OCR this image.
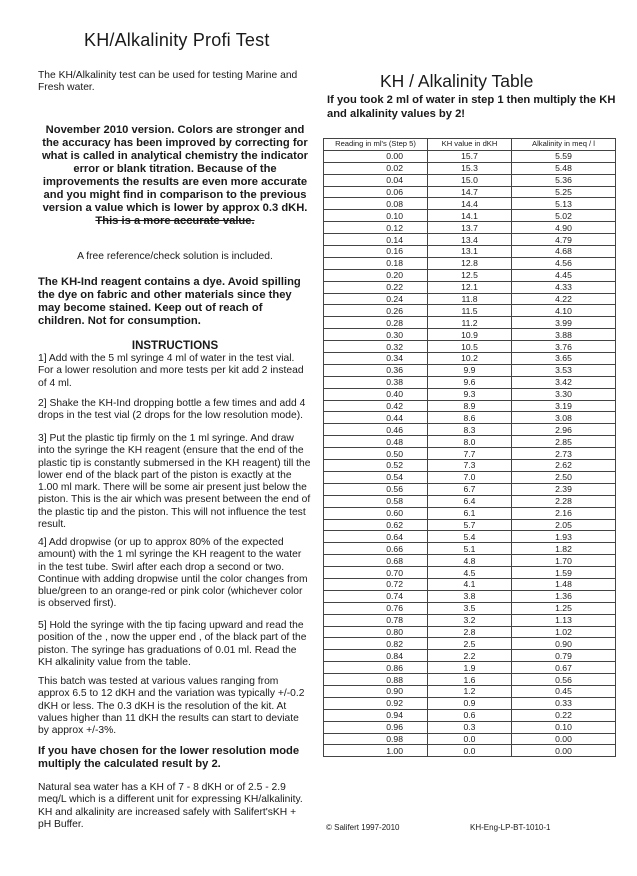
KH/Alkalinity Profi Test

The KH/Alkalinity test can be used for testing Marine and Fresh water.

November 2010 version. Colors are stronger and the accuracy has been improved by correcting for what is called in analytical chemistry the indicator error or blank titration. Because of the improvements the results are even more accurate and you might find in comparison to the previous version a value which is lower by approx 0.3 dKH.

This is a more accurate value.

A free reference/check solution is included.

The KH-Ind reagent contains a dye. Avoid spilling the dye on fabric and other materials since they may become stained. Keep out of reach of children. Not for consumption.

INSTRUCTIONS

1] Add with the 5 ml syringe 4 ml of water in the test vial. For a lower resolution and more tests per kit add 2 instead of 4 ml.

2] Shake the KH-Ind dropping bottle a few times and add 4 drops in the test vial (2 drops for the low resolution mode).

3] Put the plastic tip firmly on the 1 ml syringe. And draw into the syringe the KH reagent (ensure that the end of the plastic tip is constantly submersed in the KH reagent) till the lower end of the black part of the piston is exactly at the 1.00 ml mark. There will be some air present just below the piston. This is the air which was present between the end of the plastic tip and the piston. This will not influence the test result.

4] Add dropwise (or up to approx 80% of the expected amount) with the 1 ml syringe the KH reagent to the water in the test tube. Swirl after each drop a second or two. Continue with adding dropwise until the color changes from blue/green to an orange-red or pink color (whichever color is observed first).

5] Hold the syringe with the tip facing upward and read the position of the , now the upper end , of the black part of the piston. The syringe has graduations of 0.01 ml. Read the KH alkalinity value from the table.

This batch was tested at various values ranging from approx 6.5 to 12 dKH and the variation was typically +/-0.2 dKH or less. The 0.3 dKH is the resolution of the kit. At values higher than 11 dKH the results can start to deviate by approx +/-3%.

If you have chosen for the lower resolution mode multiply the calculated result by 2.

Natural sea water has a KH of 7 - 8 dKH or of 2.5 - 2.9 meq/L which is a different unit for expressing KH/alkalinity. KH and alkalinity are increased safely with Salifert'sKH + pH Buffer.

KH / Alkalinity Table
If you took 2 ml of water in step 1 then multiply the KH and alkalinity values by 2!
Reading in ml's (Step 5)	KH value in dKH	Alkalinity in meq / l
0.00	15.7	5.59
0.02	15.3	5.48
0.04	15.0	5.36
0.06	14.7	5.25
0.08	14.4	5.13
0.10	14.1	5.02
0.12	13.7	4.90
0.14	13.4	4.79
0.16	13.1	4.68
0.18	12.8	4.56
0.20	12.5	4.45
0.22	12.1	4.33
0.24	11.8	4.22
0.26	11.5	4.10
0.28	11.2	3.99
0.30	10.9	3.88
0.32	10.5	3.76
0.34	10.2	3.65
0.36	9.9	3.53
0.38	9.6	3.42
0.40	9.3	3.30
0.42	8.9	3.19
0.44	8.6	3.08
0.46	8.3	2.96
0.48	8.0	2.85
0.50	7.7	2.73
0.52	7.3	2.62
0.54	7.0	2.50
0.56	6.7	2.39
0.58	6.4	2.28
0.60	6.1	2.16
0.62	5.7	2.05
0.64	5.4	1.93
0.66	5.1	1.82
0.68	4.8	1.70
0.70	4.5	1.59
0.72	4.1	1.48
0.74	3.8	1.36
0.76	3.5	1.25
0.78	3.2	1.13
0.80	2.8	1.02
0.82	2.5	0.90
0.84	2.2	0.79
0.86	1.9	0.67
0.88	1.6	0.56
0.90	1.2	0.45
0.92	0.9	0.33
0.94	0.6	0.22
0.96	0.3	0.10
0.98	0.0	0.00
1.00	0.0	0.00
© Salifert 1997-2010	KH-Eng-LP-BT-1010-1
